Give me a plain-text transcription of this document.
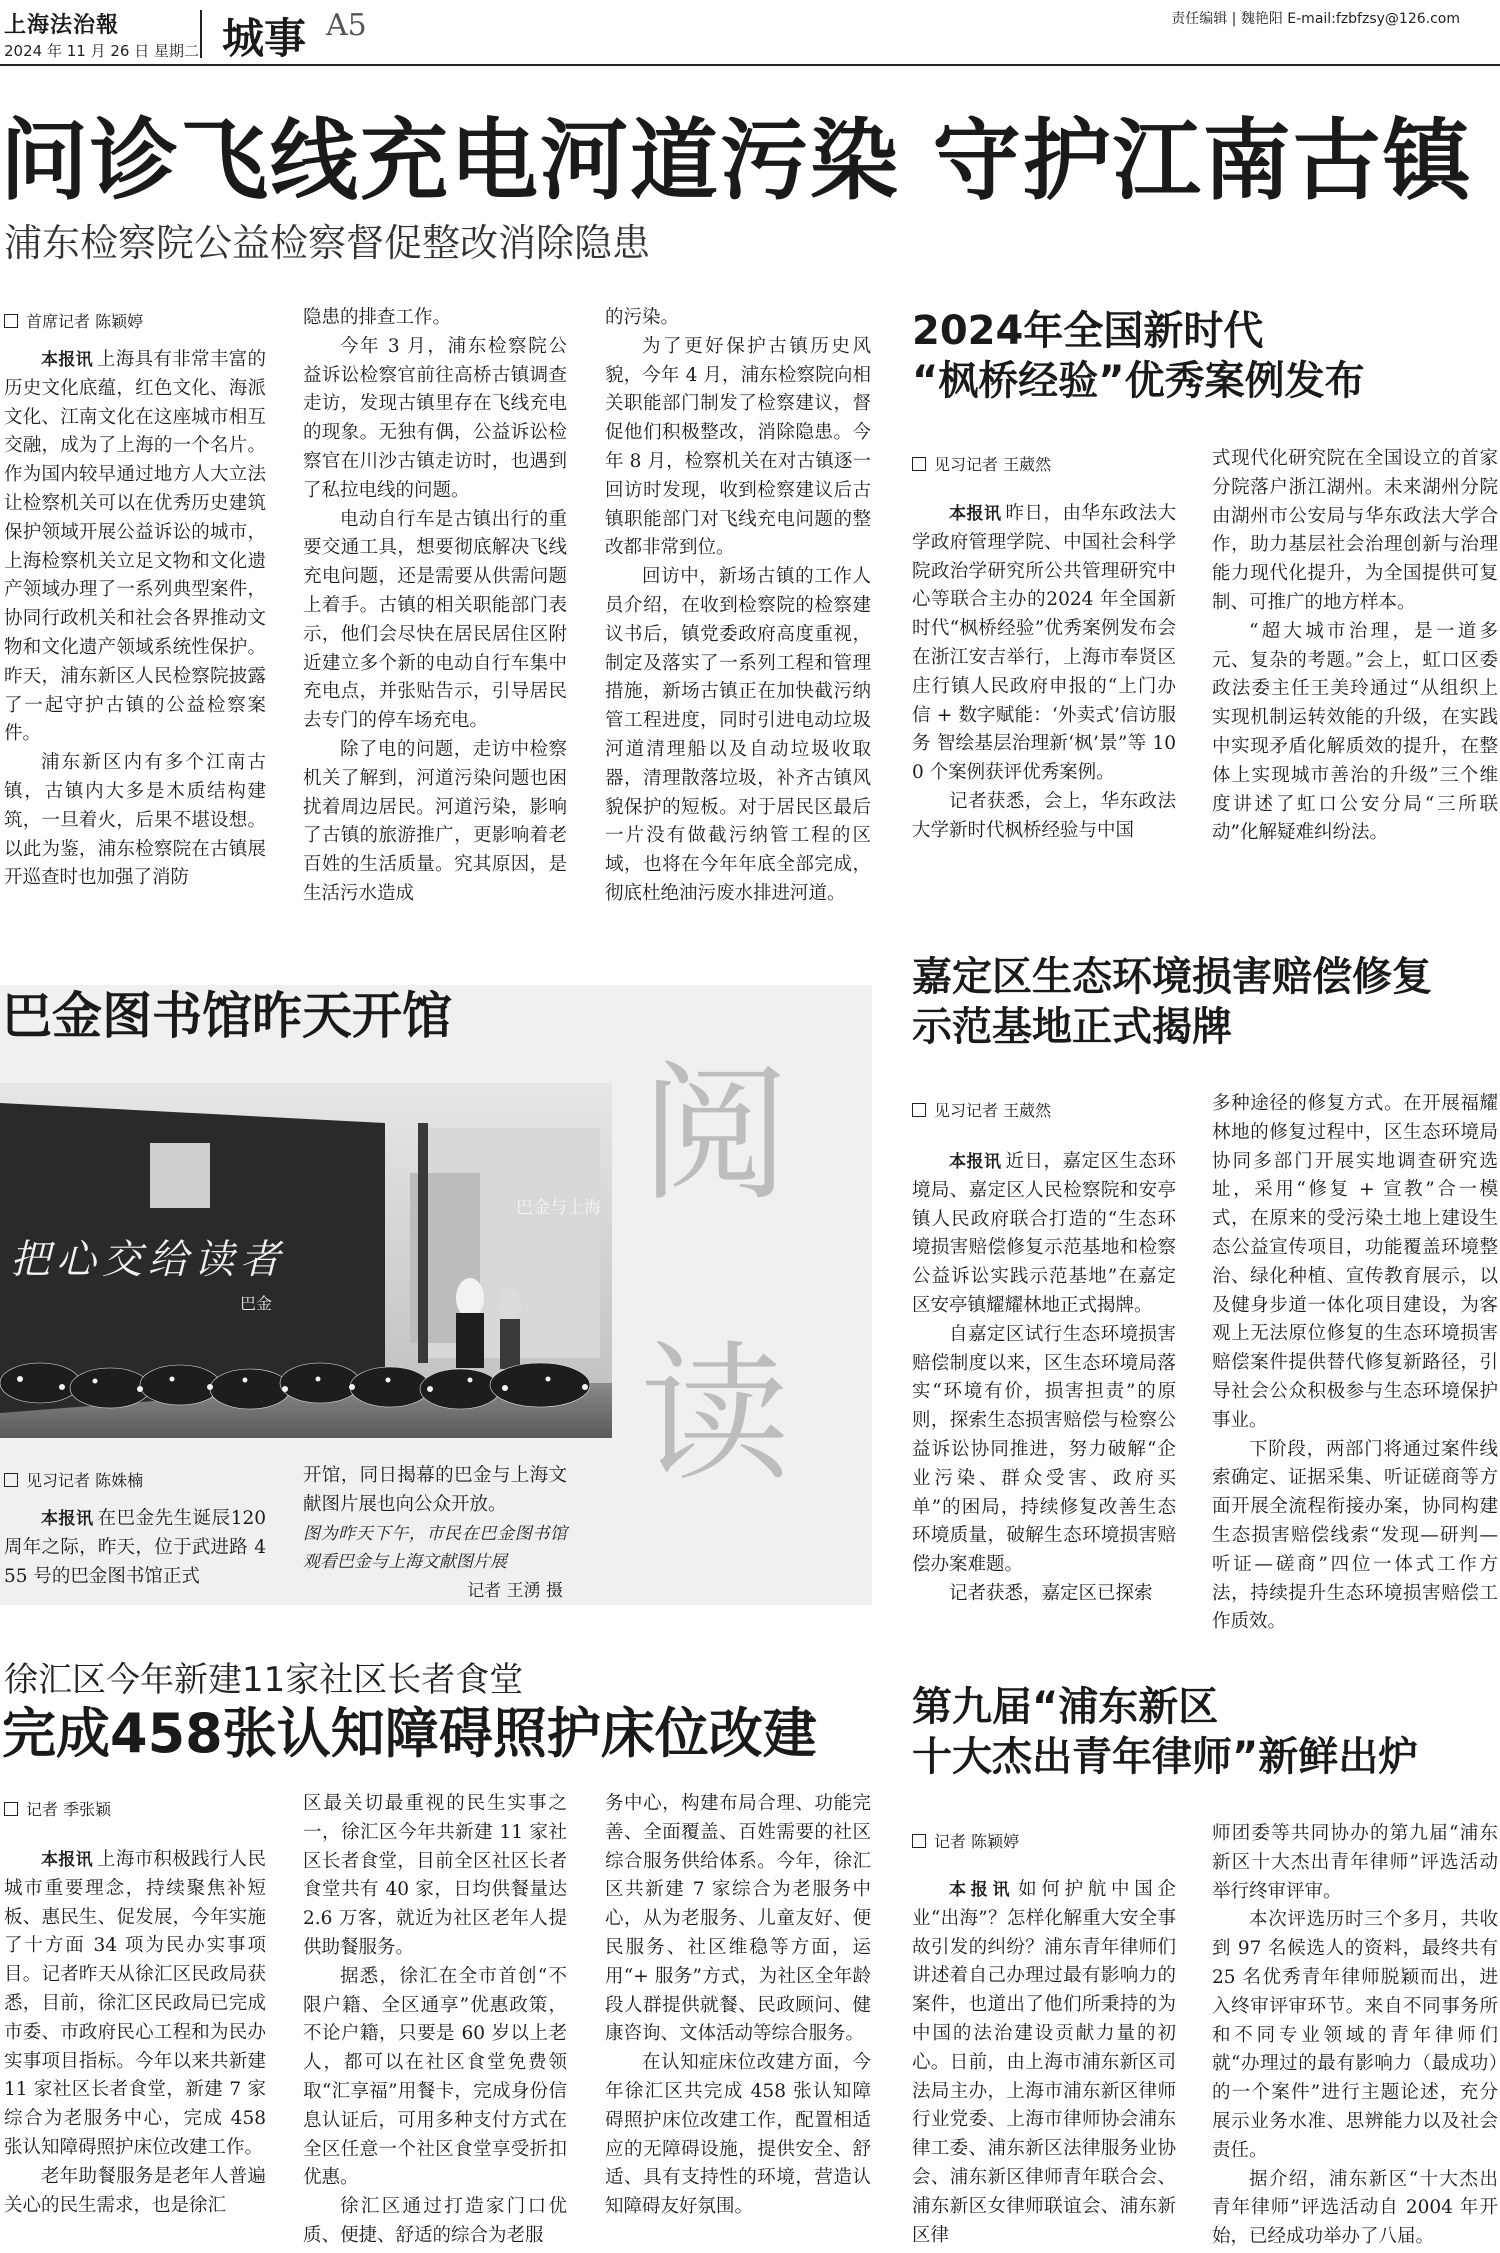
上海法治報
2024 年 11 月 26 日 星期二 城事 A5	责任编辑 | 魏艳阳 E-mail:fzbfzsy@126.com
问诊飞线充电河道污染 守护江南古镇
浦东检察院公益检察督促整改消除隐患
首席记者 陈颖婷

本报讯 上海具有非常丰富的历史文化底蕴，红色文化、海派文化、江南文化在这座城市相互交融，成为了上海的一个名片。作为国内较早通过地方人大立法让检察机关可以在优秀历史建筑保护领域开展公益诉讼的城市，上海检察机关立足文物和文化遗产领域办理了一系列典型案件，协同行政机关和社会各界推动文物和文化遗产领域系统性保护。昨天，浦东新区人民检察院披露了一起守护古镇的公益检察案件。

浦东新区内有多个江南古镇，古镇内大多是木质结构建筑，一旦着火，后果不堪设想。以此为鉴，浦东检察院在古镇展开巡查时也加强了消防

隐患的排查工作。

今年 3 月，浦东检察院公益诉讼检察官前往高桥古镇调查走访，发现古镇里存在飞线充电的现象。无独有偶，公益诉讼检察官在川沙古镇走访时，也遇到了私拉电线的问题。

电动自行车是古镇出行的重要交通工具，想要彻底解决飞线充电问题，还是需要从供需问题上着手。古镇的相关职能部门表示，他们会尽快在居民居住区附近建立多个新的电动自行车集中充电点，并张贴告示，引导居民去专门的停车场充电。

除了电的问题，走访中检察机关了解到，河道污染问题也困扰着周边居民。河道污染，影响了古镇的旅游推广，更影响着老百姓的生活质量。究其原因，是生活污水造成

的污染。

为了更好保护古镇历史风貌，今年 4 月，浦东检察院向相关职能部门制发了检察建议，督促他们积极整改，消除隐患。今年 8 月，检察机关在对古镇逐一回访时发现，收到检察建议后古镇职能部门对飞线充电问题的整改都非常到位。

回访中，新场古镇的工作人员介绍，在收到检察院的检察建议书后，镇党委政府高度重视，制定及落实了一系列工程和管理措施，新场古镇正在加快截污纳管工程进度，同时引进电动垃圾河道清理船以及自动垃圾收取器，清理散落垃圾，补齐古镇风貌保护的短板。对于居民区最后一片没有做截污纳管工程的区域，也将在今年年底全部完成，彻底杜绝油污废水排进河道。

2024年全国新时代
“枫桥经验”优秀案例发布
见习记者 王葳然

本报讯 昨日，由华东政法大学政府管理学院、中国社会科学院政治学研究所公共管理研究中心等联合主办的2024 年全国新时代“枫桥经验”优秀案例发布会在浙江安吉举行，上海市奉贤区庄行镇人民政府申报的“上门办信 + 数字赋能：‘外卖式’信访服务 智绘基层治理新‘枫’景”等 100 个案例获评优秀案例。

记者获悉，会上，华东政法大学新时代枫桥经验与中国

式现代化研究院在全国设立的首家分院落户浙江湖州。未来湖州分院由湖州市公安局与华东政法大学合作，助力基层社会治理创新与治理能力现代化提升，为全国提供可复制、可推广的地方样本。

“超大城市治理，是一道多元、复杂的考题。”会上，虹口区委政法委主任王美玲通过“从组织上实现机制运转效能的升级，在实践中实现矛盾化解质效的提升，在整体上实现城市善治的升级”三个维度讲述了虹口公安分局“三所联动”化解疑难纠纷法。

巴金图书馆昨天开馆
阅
读
把心交给读者
巴金
巴金与上海
见习记者 陈姝楠

本报讯 在巴金先生诞辰120 周年之际，昨天，位于武进路 455 号的巴金图书馆正式

开馆，同日揭幕的巴金与上海文献图片展也向公众开放。

图为昨天下午，市民在巴金图书馆观看巴金与上海文献图片展
记者 王湧 摄
嘉定区生态环境损害赔偿修复
示范基地正式揭牌
见习记者 王葳然

本报讯 近日，嘉定区生态环境局、嘉定区人民检察院和安亭镇人民政府联合打造的“生态环境损害赔偿修复示范基地和检察公益诉讼实践示范基地”在嘉定区安亭镇耀耀林地正式揭牌。

自嘉定区试行生态环境损害赔偿制度以来，区生态环境局落实“环境有价，损害担责”的原则，探索生态损害赔偿与检察公益诉讼协同推进，努力破解“企业污染、群众受害、政府买单”的困局，持续修复改善生态环境质量，破解生态环境损害赔偿办案难题。

记者获悉，嘉定区已探索

多种途径的修复方式。在开展福耀林地的修复过程中，区生态环境局协同多部门开展实地调查研究选址，采用“修复 + 宣教”合一模式，在原来的受污染土地上建设生态公益宣传项目，功能覆盖环境整治、绿化种植、宣传教育展示，以及健身步道一体化项目建设，为客观上无法原位修复的生态环境损害赔偿案件提供替代修复新路径，引导社会公众积极参与生态环境保护事业。

下阶段，两部门将通过案件线索确定、证据采集、听证磋商等方面开展全流程衔接办案，协同构建生态损害赔偿线索“发现—研判—听证—磋商”四位一体式工作方法，持续提升生态环境损害赔偿工作质效。

徐汇区今年新建11家社区长者食堂
完成458张认知障碍照护床位改建
记者 季张颖

本报讯 上海市积极践行人民城市重要理念，持续聚焦补短板、惠民生、促发展，今年实施了十方面 34 项为民办实事项目。记者昨天从徐汇区民政局获悉，目前，徐汇区民政局已完成市委、市政府民心工程和为民办实事项目指标。今年以来共新建 11 家社区长者食堂，新建 7 家综合为老服务中心，完成 458 张认知障碍照护床位改建工作。

老年助餐服务是老年人普遍关心的民生需求，也是徐汇

区最关切最重视的民生实事之一，徐汇区今年共新建 11 家社区长者食堂，目前全区社区长者食堂共有 40 家，日均供餐量达 2.6 万客，就近为社区老年人提供助餐服务。

据悉，徐汇在全市首创“不限户籍、全区通享”优惠政策，不论户籍，只要是 60 岁以上老人，都可以在社区食堂免费领取“汇享福”用餐卡，完成身份信息认证后，可用多种支付方式在全区任意一个社区食堂享受折扣优惠。

徐汇区通过打造家门口优质、便捷、舒适的综合为老服

务中心，构建布局合理、功能完善、全面覆盖、百姓需要的社区综合服务供给体系。今年，徐汇区共新建 7 家综合为老服务中心，从为老服务、儿童友好、便民服务、社区维稳等方面，运用“+ 服务”方式，为社区全年龄段人群提供就餐、民政顾问、健康咨询、文体活动等综合服务。

在认知症床位改建方面，今年徐汇区共完成 458 张认知障碍照护床位改建工作，配置相适应的无障碍设施，提供安全、舒适、具有支持性的环境，营造认知障碍友好氛围。

第九届“浦东新区
十大杰出青年律师”新鲜出炉
记者 陈颖婷

本报讯 如何护航中国企业“出海”？怎样化解重大安全事故引发的纠纷？浦东青年律师们讲述着自己办理过最有影响力的案件，也道出了他们所秉持的为中国的法治建设贡献力量的初心。日前，由上海市浦东新区司法局主办，上海市浦东新区律师行业党委、上海市律师协会浦东律工委、浦东新区法律服务业协会、浦东新区律师青年联合会、浦东新区女律师联谊会、浦东新区律

师团委等共同协办的第九届“浦东新区十大杰出青年律师”评选活动举行终审评审。

本次评选历时三个多月，共收到 97 名候选人的资料，最终共有 25 名优秀青年律师脱颖而出，进入终审评审环节。来自不同事务所和不同专业领域的青年律师们就“办理过的最有影响力（最成功）的一个案件”进行主题论述，充分展示业务水准、思辨能力以及社会责任。

据介绍，浦东新区“十大杰出青年律师”评选活动自 2004 年开始，已经成功举办了八届。
